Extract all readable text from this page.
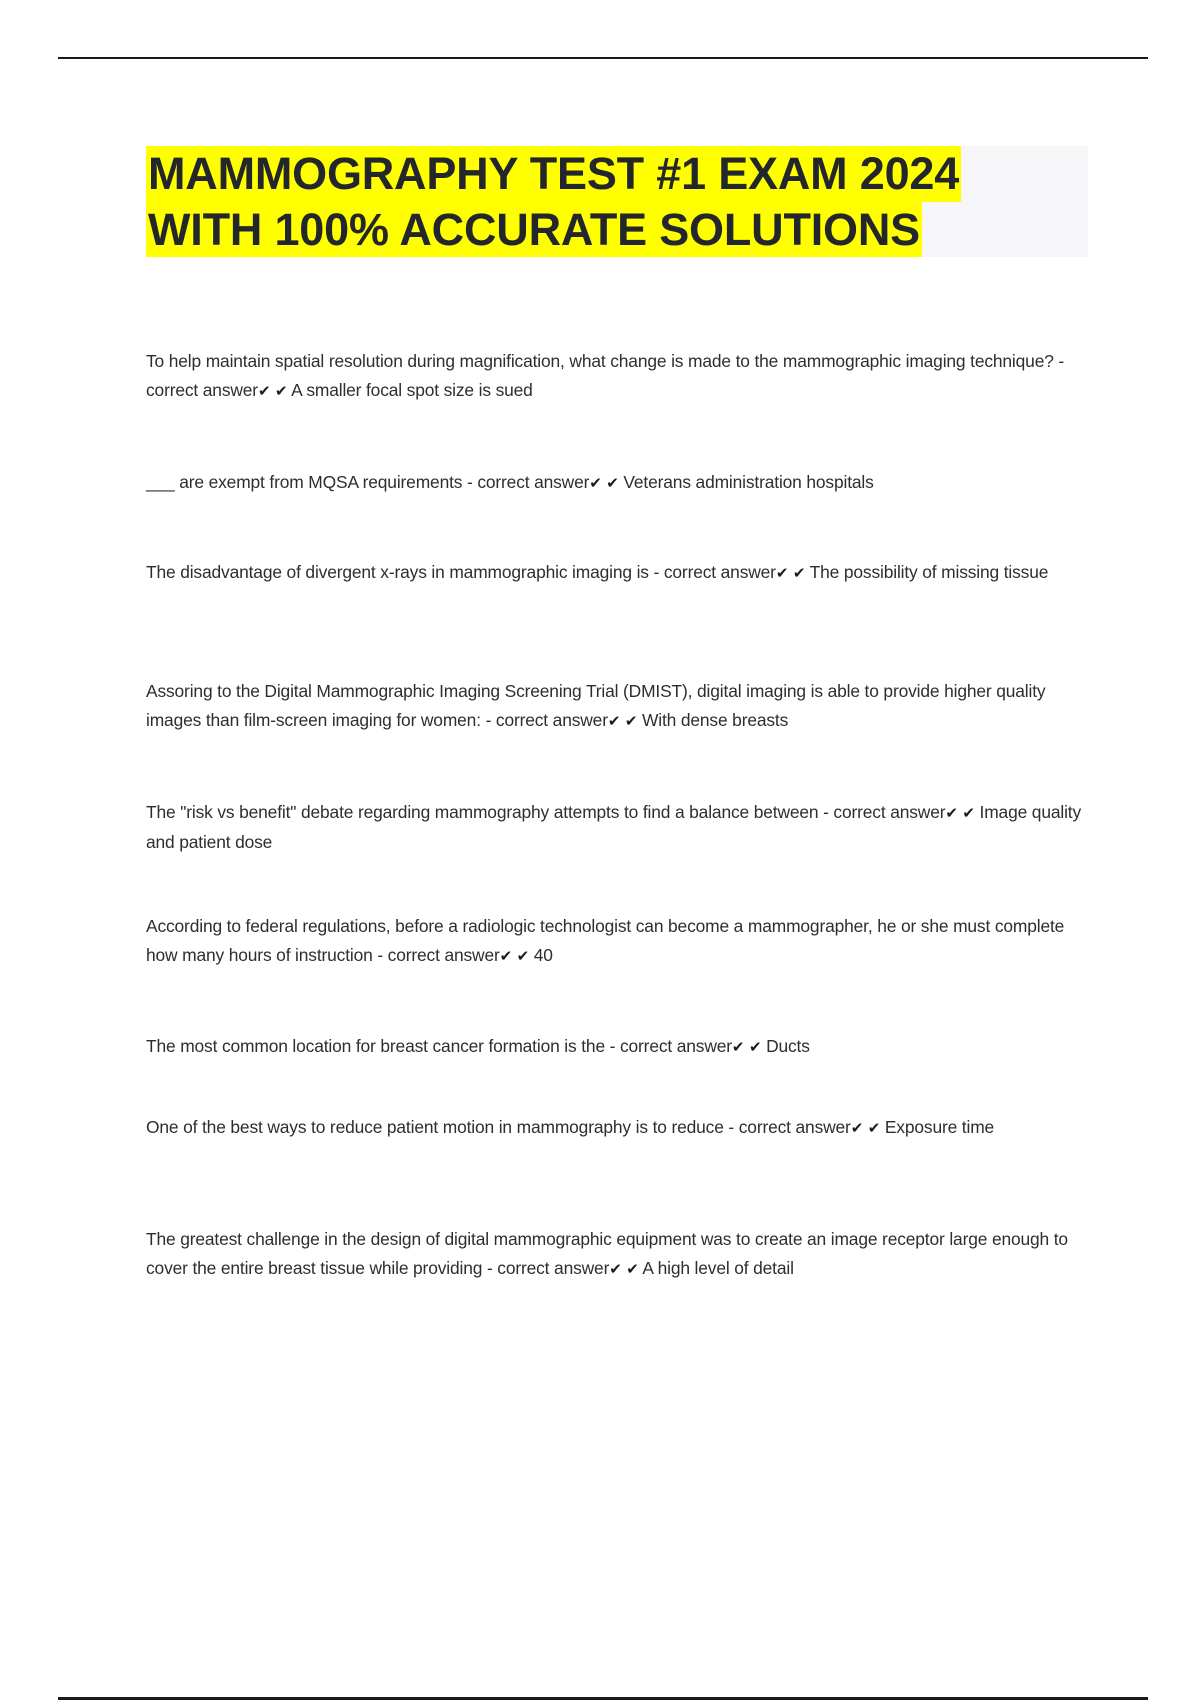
MAMMOGRAPHY TEST #1 EXAM 2024
WITH 100% ACCURATE SOLUTIONS

To help maintain spatial resolution during magnification, what change is made to the mammographic imaging technique? - correct answer✔ ✔ A smaller focal spot size is sued

___ are exempt from MQSA requirements - correct answer✔ ✔ Veterans administration hospitals

The disadvantage of divergent x-rays in mammographic imaging is - correct answer✔ ✔ The possibility of missing tissue

Assoring to the Digital Mammographic Imaging Screening Trial (DMIST), digital imaging is able to provide higher quality images than film-screen imaging for women: - correct answer✔ ✔ With dense breasts

The "risk vs benefit" debate regarding mammography attempts to find a balance between - correct answer✔ ✔ Image quality and patient dose

According to federal regulations, before a radiologic technologist can become a mammographer, he or she must complete how many hours of instruction - correct answer✔ ✔ 40

The most common location for breast cancer formation is the - correct answer✔ ✔ Ducts

One of the best ways to reduce patient motion in mammography is to reduce - correct answer✔ ✔ Exposure time

The greatest challenge in the design of digital mammographic equipment was to create an image receptor large enough to cover the entire breast tissue while providing - correct answer✔ ✔ A high level of detail
